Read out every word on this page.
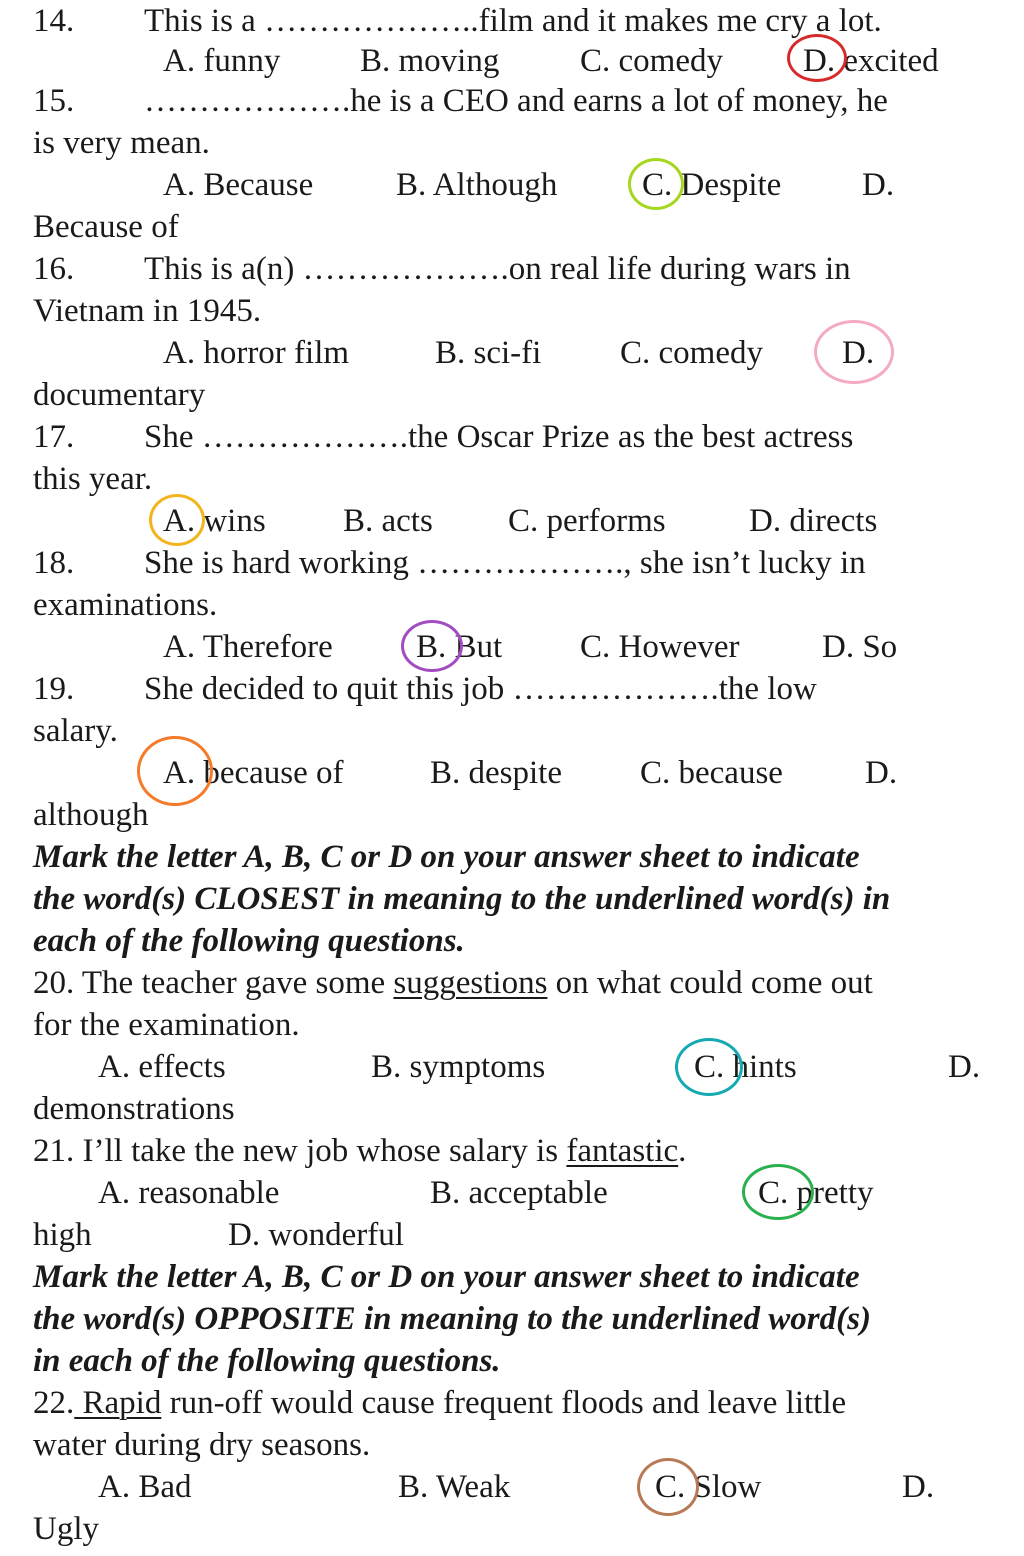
14. This is a ………………..film and it makes me cry a lot.
A. funny B. moving C. comedy D. excited
15. ……………….he is a CEO and earns a lot of money, he
is very mean.
A. Because	B. Although	C. Despite D.
Because of
16. This is a(n) ……………….on real life during wars in
Vietnam in 1945.
A. horror film	B. sci-fi C. comedy D.
documentary
17. She ……………….the Oscar Prize as the best actress
this year.
A. wins B. acts C. performs	D. directs
18. She is hard working ………………., she isn’t lucky in
examinations.
A. Therefore	B. But C. However	D. So
19. She decided to quit this job ……………….the low
salary.
A. because of	B. despite C. because D.
although
Mark the letter A, B, C or D on your answer sheet to indicate
the word(s) CLOSEST in meaning to the underlined word(s) in
each of the following questions.
20. The teacher gave some suggestions on what could come out
for the examination.
A. effects	B. symptoms	C. hints	D.
demonstrations
21. I’ll take the new job whose salary is fantastic.
A. reasonable	B. acceptable	C. pretty
high	D. wonderful
Mark the letter A, B, C or D on your answer sheet to indicate
the word(s) OPPOSITE in meaning to the underlined word(s)
in each of the following questions.
22. Rapid run-off would cause frequent floods and leave little
water during dry seasons.
A. Bad	B. Weak	C. Slow	D.
Ugly
